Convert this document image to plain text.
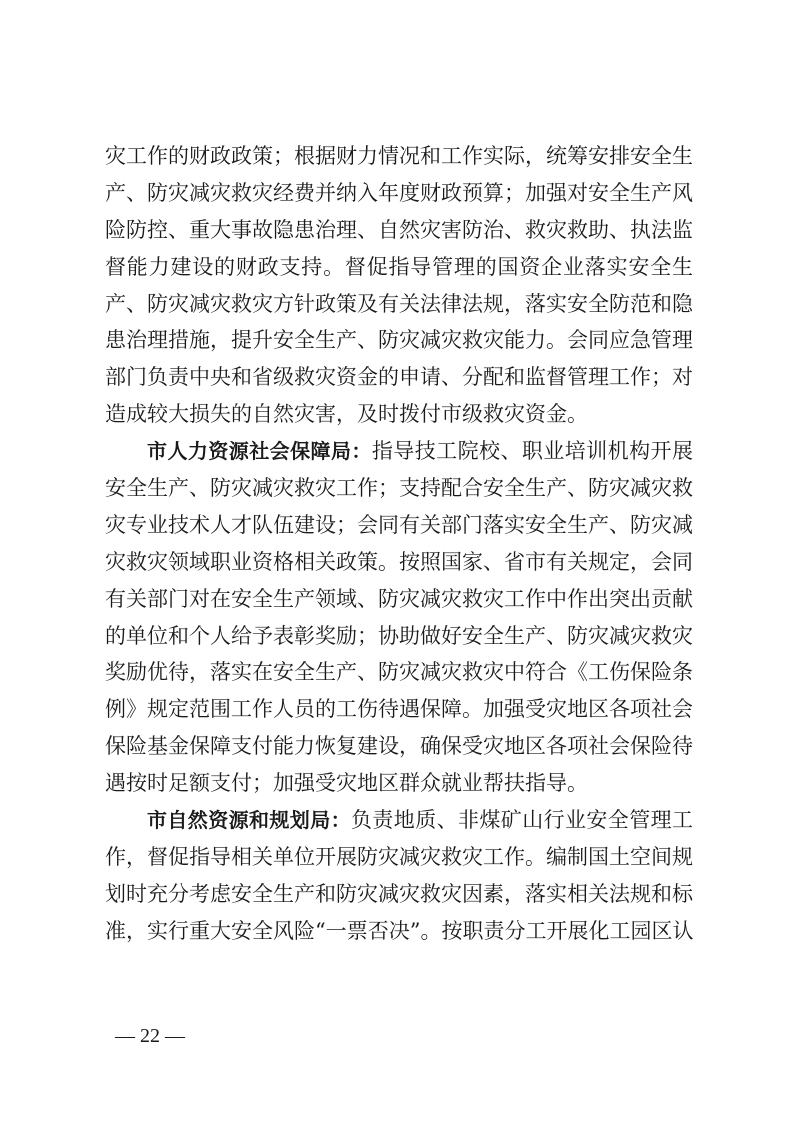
灾工作的财政政策；根据财力情况和工作实际，统筹安排安全生
产、防灾减灾救灾经费并纳入年度财政预算；加强对安全生产风
险防控、重大事故隐患治理、自然灾害防治、救灾救助、执法监
督能力建设的财政支持。督促指导管理的国资企业落实安全生
产、防灾减灾救灾方针政策及有关法律法规，落实安全防范和隐
患治理措施，提升安全生产、防灾减灾救灾能力。会同应急管理
部门负责中央和省级救灾资金的申请、分配和监督管理工作；对
造成较大损失的自然灾害，及时拨付市级救灾资金。
市人力资源社会保障局：指导技工院校、职业培训机构开展
安全生产、防灾减灾救灾工作；支持配合安全生产、防灾减灾救
灾专业技术人才队伍建设；会同有关部门落实安全生产、防灾减
灾救灾领域职业资格相关政策。按照国家、省市有关规定，会同
有关部门对在安全生产领域、防灾减灾救灾工作中作出突出贡献
的单位和个人给予表彰奖励；协助做好安全生产、防灾减灾救灾
奖励优待，落实在安全生产、防灾减灾救灾中符合《工伤保险条
例》规定范围工作人员的工伤待遇保障。加强受灾地区各项社会
保险基金保障支付能力恢复建设，确保受灾地区各项社会保险待
遇按时足额支付；加强受灾地区群众就业帮扶指导。
市自然资源和规划局：负责地质、非煤矿山行业安全管理工
作，督促指导相关单位开展防灾减灾救灾工作。编制国土空间规
划时充分考虑安全生产和防灾减灾救灾因素，落实相关法规和标
准，实行重大安全风险“一票否决”。按职责分工开展化工园区认
— 22 —
